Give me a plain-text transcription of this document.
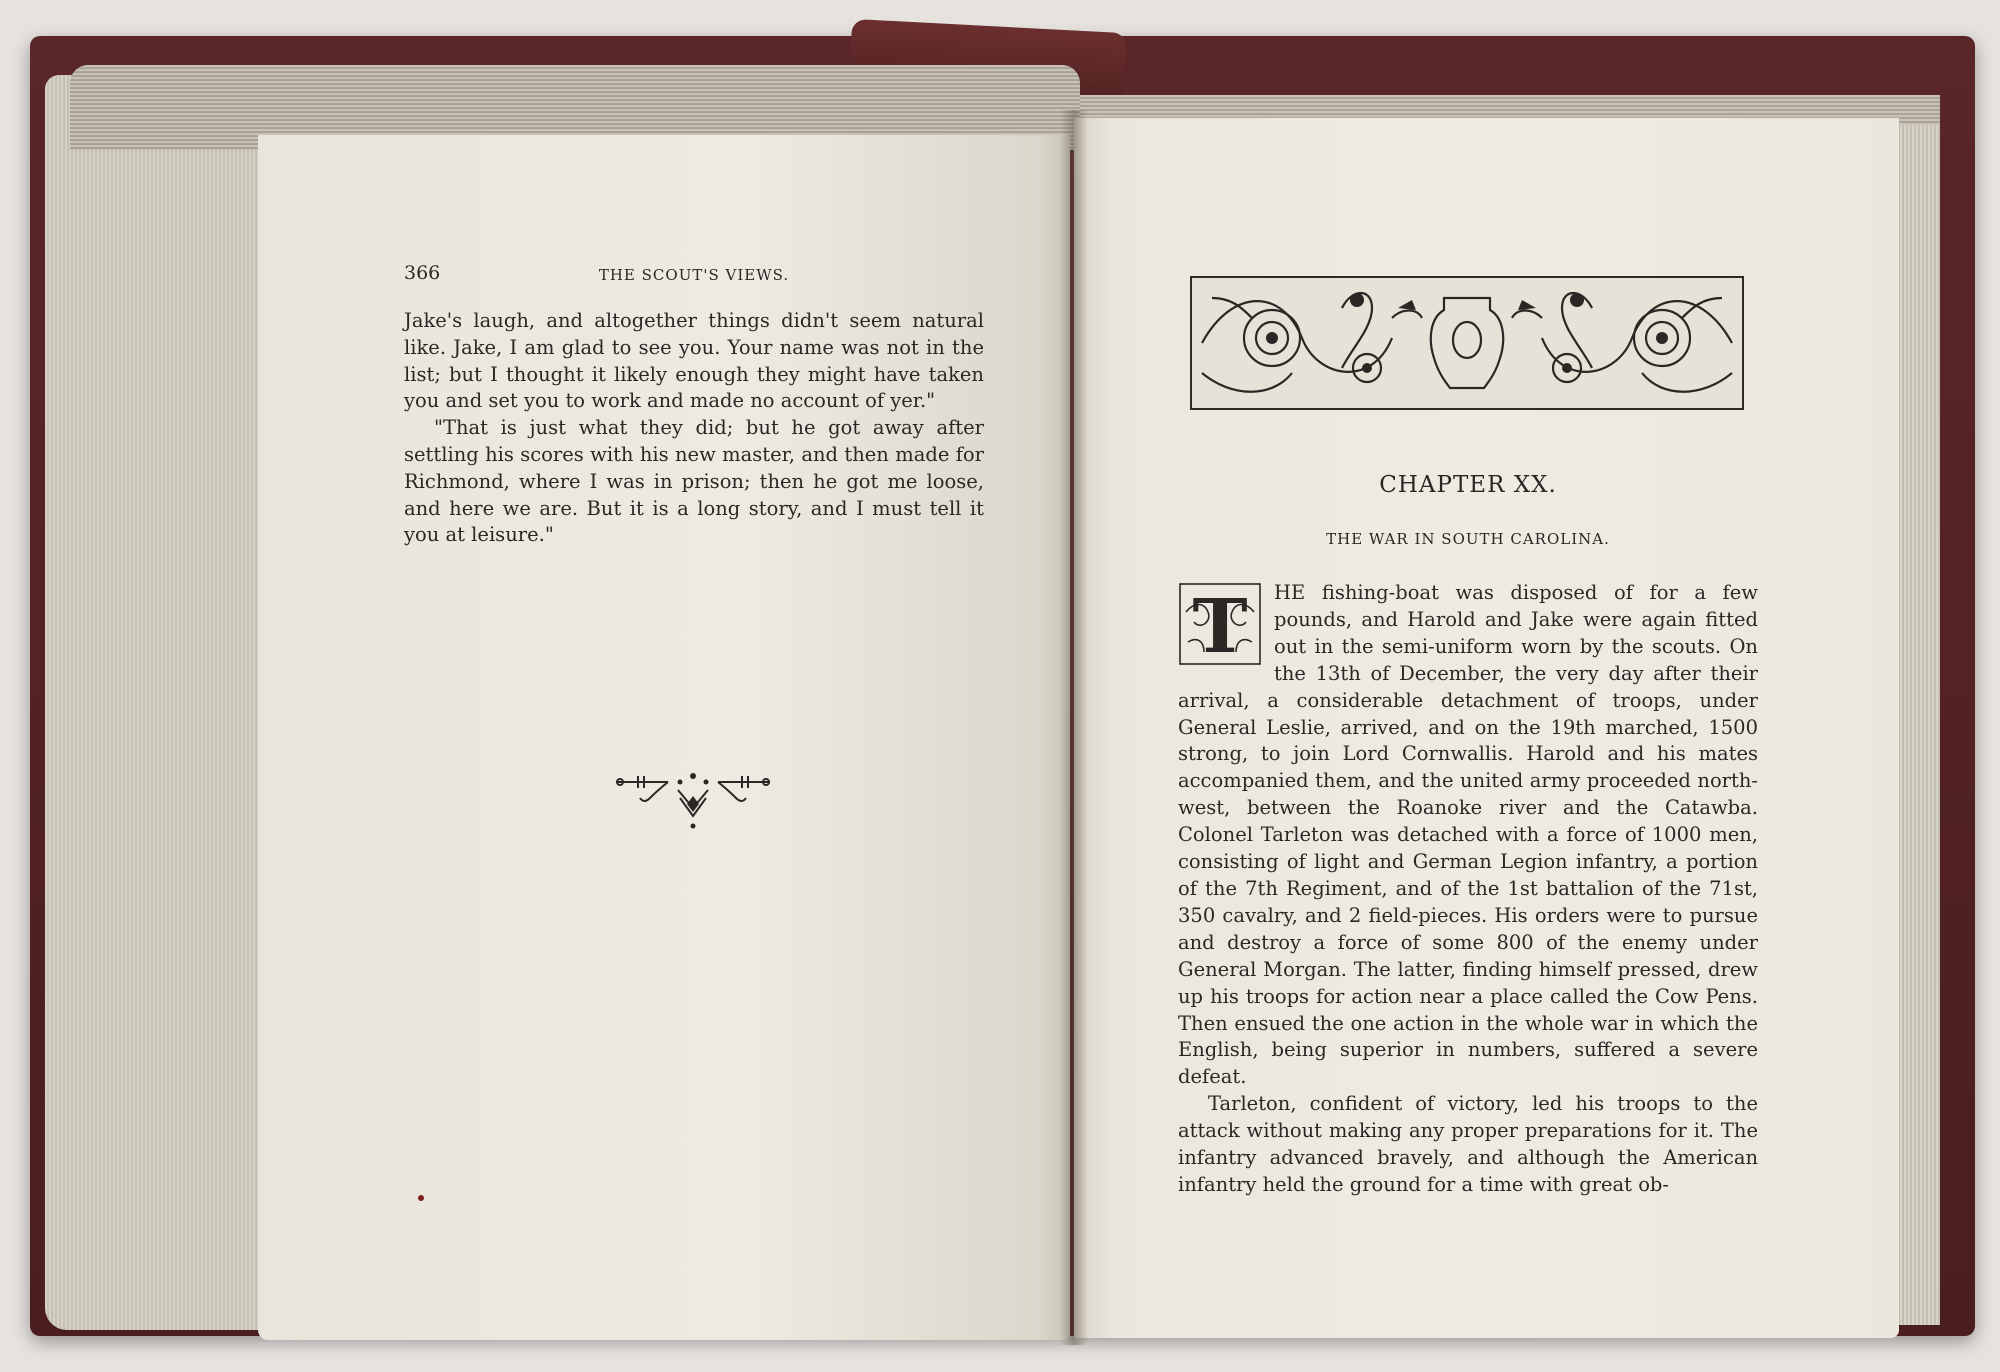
366	THE SCOUT'S VIEWS.

Jake's laugh, and altogether things didn't seem natural like. Jake, I am glad to see you. Your name was not in the list; but I thought it likely enough they might have taken you and set you to work and made no account of yer."

"That is just what they did; but he got away after settling his scores with his new master, and then made for Richmond, where I was in prison; then he got me loose, and here we are. But it is a long story, and I must tell it you at leisure."

CHAPTER XX.
THE WAR IN SOUTH CAROLINA.

T HE fishing-boat was disposed of for a few pounds, and Harold and Jake were again fitted out in the semi-uniform worn by the scouts. On the 13th of December, the very day after their arrival, a considerable detachment of troops, under General Leslie, arrived, and on the 19th marched, 1500 strong, to join Lord Cornwallis. Harold and his mates accompanied them, and the united army proceeded north-west, between the Roanoke river and the Catawba. Colonel Tarleton was detached with a force of 1000 men, consisting of light and German Legion infantry, a portion of the 7th Regiment, and of the 1st battalion of the 71st, 350 cavalry, and 2 field-pieces. His orders were to pursue and destroy a force of some 800 of the enemy under General Morgan. The latter, finding himself pressed, drew up his troops for action near a place called the Cow Pens. Then ensued the one action in the whole war in which the English, being superior in numbers, suffered a severe defeat.

Tarleton, confident of victory, led his troops to the attack without making any proper preparations for it. The infantry advanced bravely, and although the American infantry held the ground for a time with great ob-
